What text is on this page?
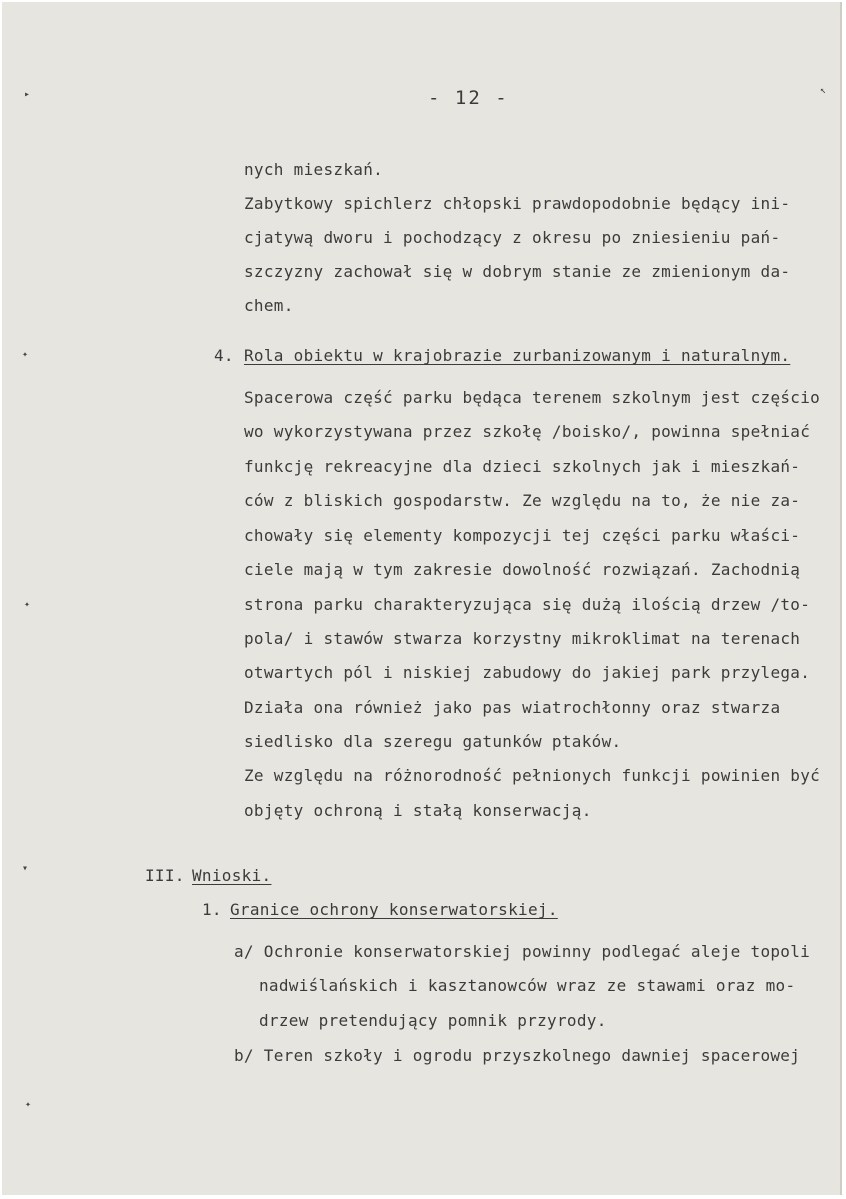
▸
✦
✦
▾
✦
↖
- 12 -
nych mieszkań.
Zabytkowy spichlerz chłopski prawdopodobnie będący ini-
cjatywą dworu i pochodzący z okresu po zniesieniu pań-
szczyzny zachował się w dobrym stanie ze zmienionym da-
chem.
4. Rola obiektu w krajobrazie zurbanizowanym i naturalnym.
Spacerowa część parku będąca terenem szkolnym jest częścio
wo wykorzystywana przez szkołę /boisko/, powinna spełniać
funkcję rekreacyjne dla dzieci szkolnych jak i mieszkań-
ców z bliskich gospodarstw. Ze względu na to, że nie za-
chowały się elementy kompozycji tej części parku właści-
ciele mają w tym zakresie dowolność rozwiązań. Zachodnią
strona parku charakteryzująca się dużą ilością drzew /to-
pola/ i stawów stwarza korzystny mikroklimat na terenach
otwartych pól i niskiej zabudowy do jakiej park przylega.
Działa ona również jako pas wiatrochłonny oraz stwarza
siedlisko dla szeregu gatunków ptaków.
Ze względu na różnorodność pełnionych funkcji powinien być
objęty ochroną i stałą konserwacją.
III. Wnioski.
1. Granice ochrony konserwatorskiej.
a/ Ochronie konserwatorskiej powinny podlegać aleje topoli
nadwiślańskich i kasztanowców wraz ze stawami oraz mo-
drzew pretendujący pomnik przyrody.
b/ Teren szkoły i ogrodu przyszkolnego dawniej spacerowej
